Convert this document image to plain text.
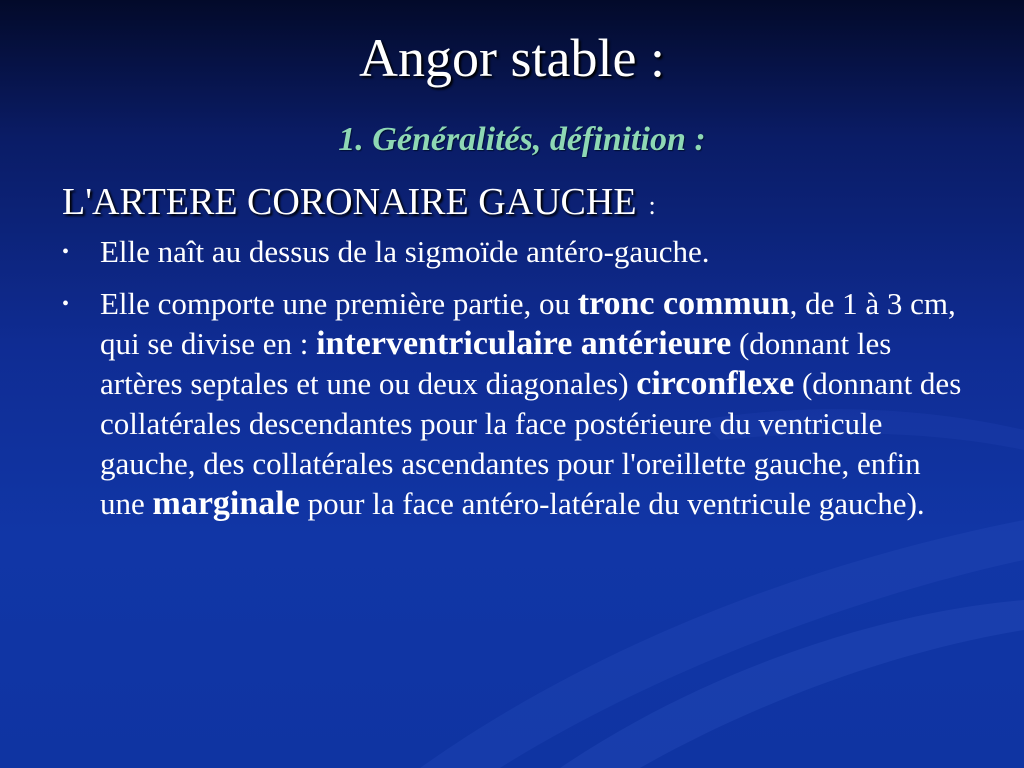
Angor stable :
1. Généralités, définition :
L'ARTERE CORONAIRE GAUCHE :
• Elle naît au dessus de la sigmoïde antéro-gauche.
• Elle comporte une première partie, ou tronc commun, de 1 à 3 cm, qui se divise en : interventriculaire antérieure (donnant les artères septales et une ou deux diagonales) circonflexe (donnant des collatérales descendantes pour la face postérieure du ventricule gauche, des collatérales ascendantes pour l'oreillette gauche, enfin une marginale pour la face antéro-latérale du ventricule gauche).
